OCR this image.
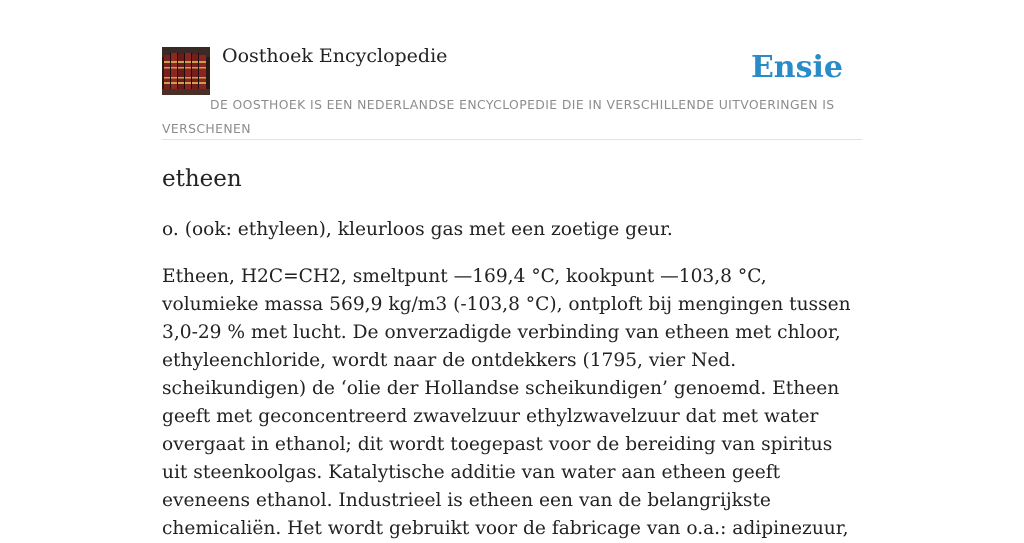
Oosthoek Encyclopedie	Ensie
DE OOSTHOEK IS EEN NEDERLANDSE ENCYCLOPEDIE DIE IN VERSCHILLENDE UITVOERINGEN IS VERSCHENEN
etheen

o. (ook: ethyleen), kleurloos gas met een zoetige geur.

Etheen, H2C=CH2, smeltpunt —169,4 °C, kookpunt —103,8 °C, volumieke massa 569,9 kg/m3 (-103,8 °C), ontploft bij mengingen tussen 3,0-29 % met lucht. De onverzadigde verbinding van etheen met chloor, ethyleenchloride, wordt naar de ontdekkers (1795, vier Ned. scheikundigen) de ‘olie der Hollandse scheikundigen’ genoemd. Etheen geeft met geconcentreerd zwavelzuur ethylzwavelzuur dat met water overgaat in ethanol; dit wordt toegepast voor de bereiding van spiritus uit steenkoolgas. Katalytische additie van water aan etheen geeft eveneens ethanol. Industrieel is etheen een van de belangrijkste chemicaliën. Het wordt gebruikt voor de fabricage van o.a.: adipinezuur,
